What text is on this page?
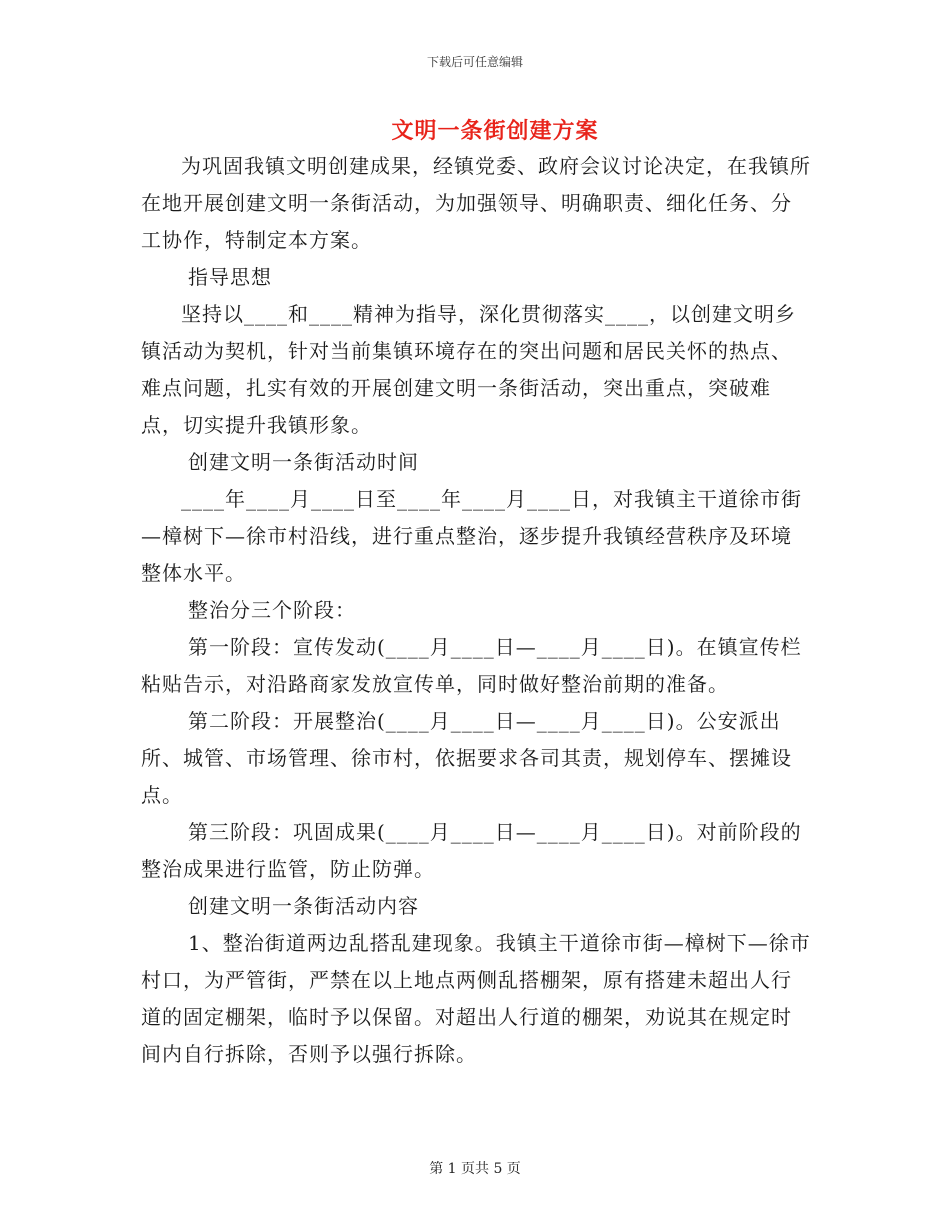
下载后可任意编辑
文明一条街创建方案

为巩固我镇文明创建成果，经镇党委、政府会议讨论决定，在我镇所在地开展创建文明一条街活动，为加强领导、明确职责、细化任务、分工协作，特制定本方案。

指导思想

坚持以____和____精神为指导，深化贯彻落实____，以创建文明乡镇活动为契机，针对当前集镇环境存在的突出问题和居民关怀的热点、难点问题，扎实有效的开展创建文明一条街活动，突出重点，突破难点，切实提升我镇形象。

创建文明一条街活动时间

____年____月____日至____年____月____日，对我镇主干道徐市街—樟树下—徐市村沿线，进行重点整治，逐步提升我镇经营秩序及环境整体水平。

整治分三个阶段：

第一阶段：宣传发动(____月____日—____月____日)。在镇宣传栏粘贴告示，对沿路商家发放宣传单，同时做好整治前期的准备。

第二阶段：开展整治(____月____日—____月____日)。公安派出所、城管、市场管理、徐市村，依据要求各司其责，规划停车、摆摊设点。

第三阶段：巩固成果(____月____日—____月____日)。对前阶段的整治成果进行监管，防止防弹。

创建文明一条街活动内容

1、整治街道两边乱搭乱建现象。我镇主干道徐市街—樟树下—徐市村口，为严管街，严禁在以上地点两侧乱搭棚架，原有搭建未超出人行道的固定棚架，临时予以保留。对超出人行道的棚架，劝说其在规定时间内自行拆除，否则予以强行拆除。

第 1 页共 5 页
